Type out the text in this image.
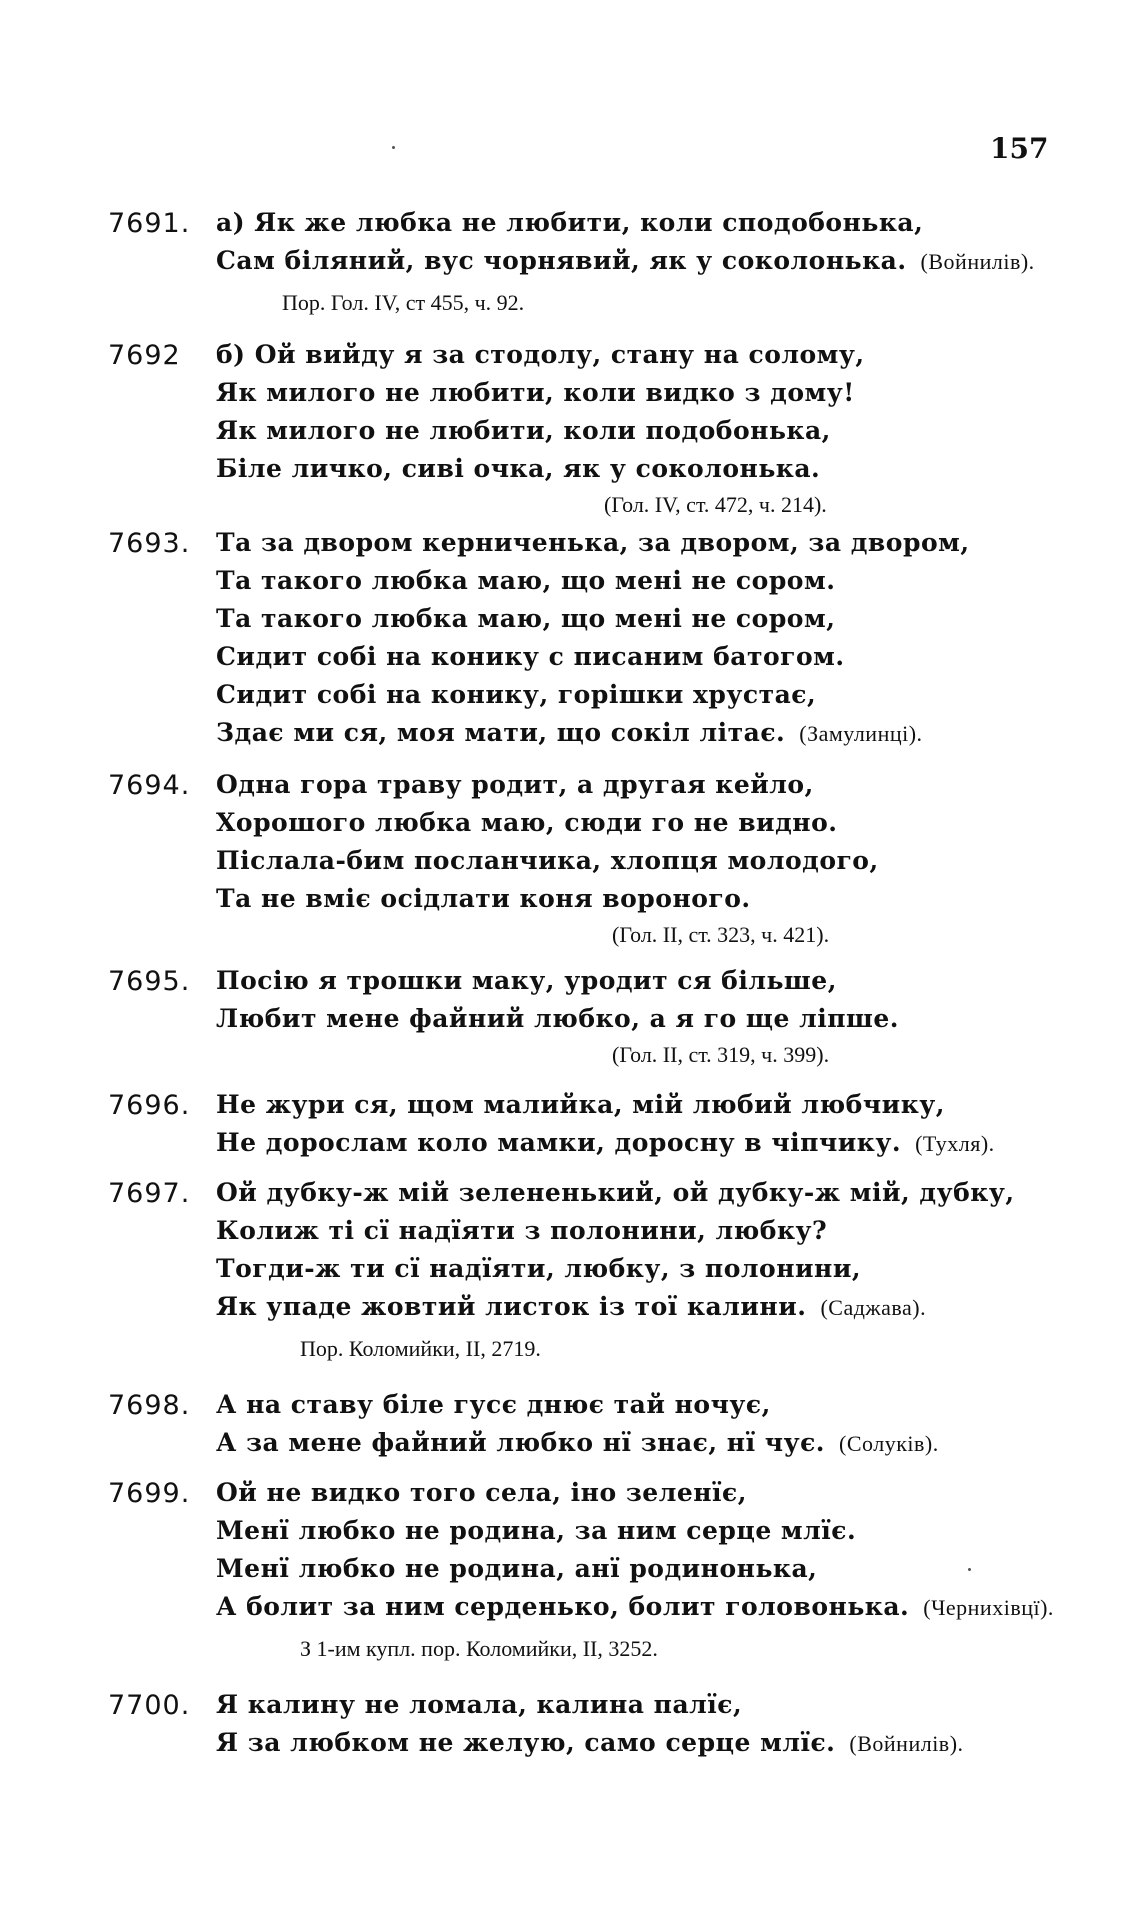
157
7691. а) Як же любка не любити, коли сподобонька,
Сам біляний, вус чорнявий, як у соколонька. (Войнилів).
Пор. Гол. IV, ст 455, ч. 92.
7692 б) Ой вийду я за стодолу, стану на солому,
Як милого не любити, коли видко з дому!
Як милого не любити, коли подобонька,
Біле личко, сиві очка, як у соколонька.
(Гол. IV, ст. 472, ч. 214).
7693. Та за двором керниченька, за двором, за двором,
Та такого любка маю, що мені не сором.
Та такого любка маю, що мені не сором,
Сидит собі на конику с писаним батогом.
Сидит собі на конику, горішки хрустає,
Здає ми ся, моя мати, що сокіл літає. (Замулинці).
7694. Одна гора траву родит, а другая кейло,
Хорошого любка маю, сюди го не видно.
Післала-бим посланчика, хлопця молодого,
Та не вміє осідлати коня вороного.
(Гол. II, ст. 323, ч. 421).
7695. Посію я трошки маку, уродит ся більше,
Любит мене файний любко, а я го ще ліпше.
(Гол. II, ст. 319, ч. 399).
7696. Не жури ся, щом малийка, мій любий любчику,
Не дорослам коло мамки, доросну в чіпчику. (Тухля).
7697. Ой дубку-ж мій зелененький, ой дубку-ж мій, дубку,
Колиж ті сї надїяти з полонини, любку?
Тогди-ж ти сї надїяти, любку, з полонини,
Як упаде жовтий листок із тої калини. (Саджава).
Пор. Коломийки, II, 2719.
7698. А на ставу біле гусє днює тай ночує,
А за мене файний любко нї знає, нї чує. (Солуків).
7699. Ой не видко того села, іно зеленїє,
Менї любко не родина, за ним серце млїє.
Менї любко не родина, анї родинонька,
А болит за ним серденько, болит головонька. (Черниxівцї).
З 1-им купл. пор. Коломийки, II, 3252.
7700. Я калину не ломала, калина палїє,
Я за любком не желую, само серце млїє. (Войнилів).
